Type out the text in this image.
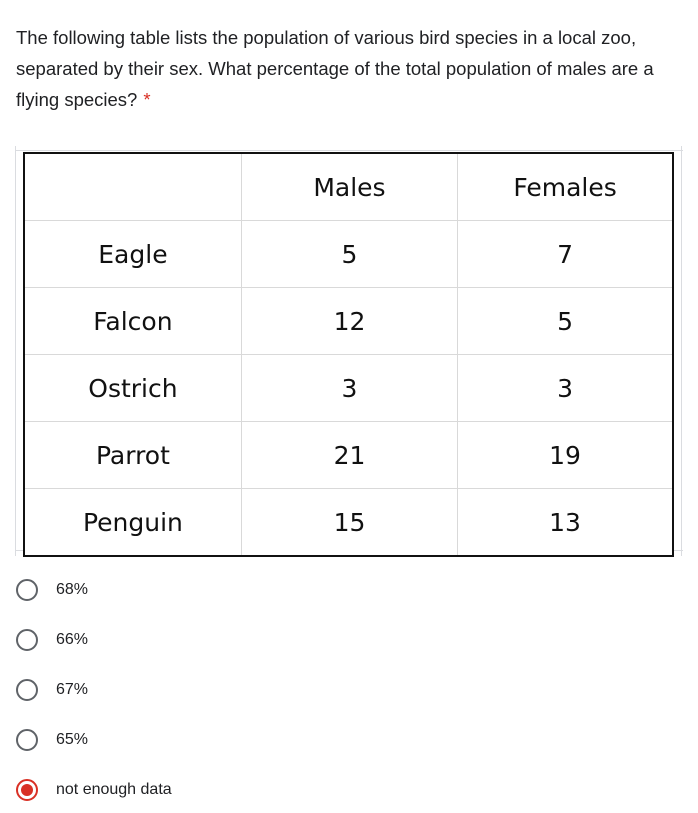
The following table lists the population of various bird species in a local zoo, separated by their sex. What percentage of the total population of males are a flying species? *
	Males	Females
Eagle	5	7
Falcon	12	5
Ostrich	3	3
Parrot	21	19
Penguin	15	13
68%
66%
67%
65%
not enough data
